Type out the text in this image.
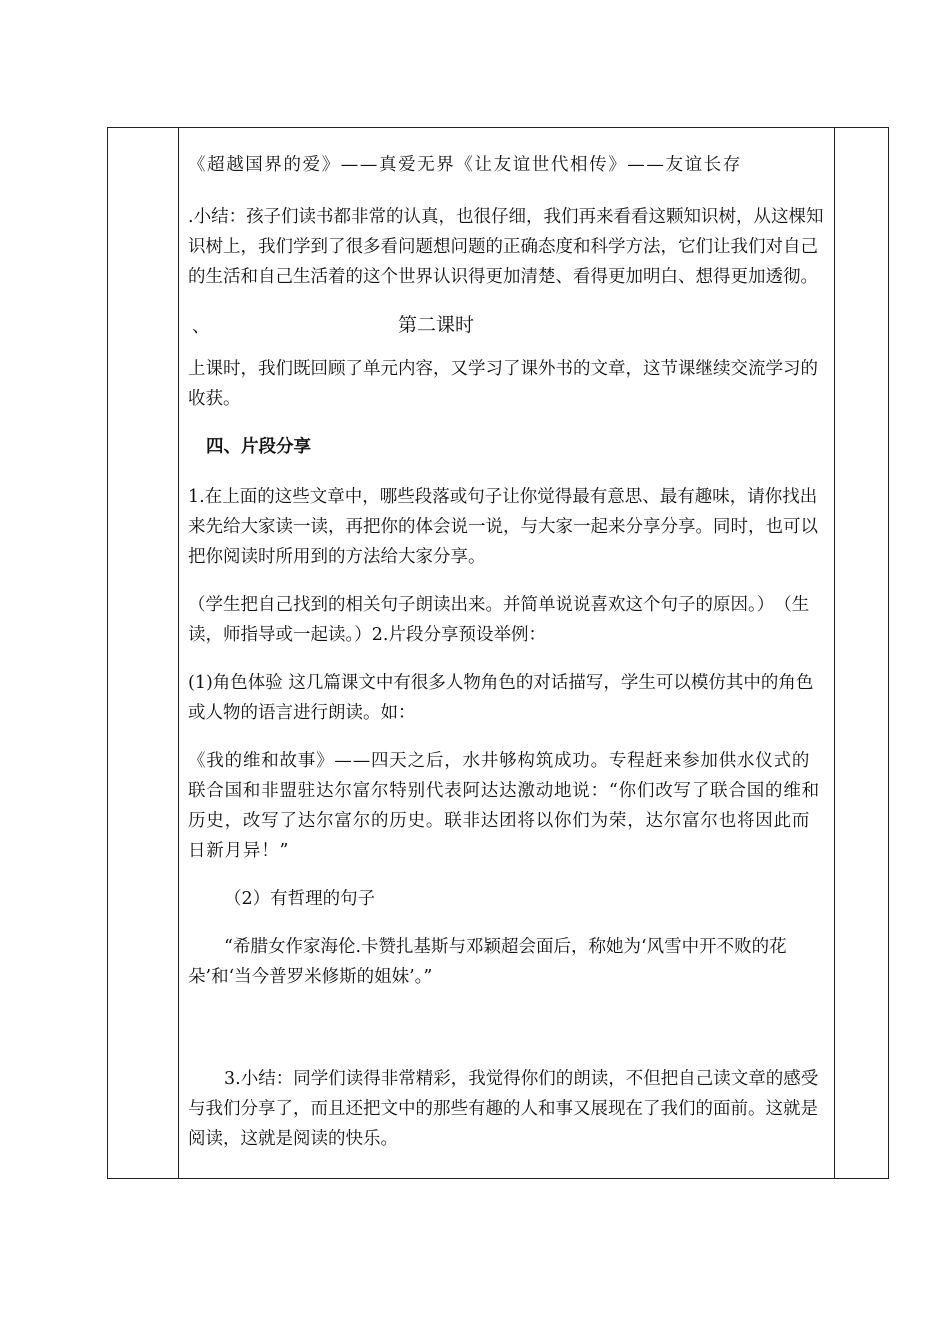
《超越国界的爱》——真爱无界《让友谊世代相传》——友谊长存

.小结：孩子们读书都非常的认真，也很仔细，我们再来看看这颗知识树，从这棵知识树上，我们学到了很多看问题想问题的正确态度和科学方法，它们让我们对自己的生活和自己生活着的这个世界认识得更加清楚、看得更加明白、想得更加透彻。

、	第二课时

上课时，我们既回顾了单元内容，又学习了课外书的文章，这节课继续交流学习的收获。

四、片段分享

1.在上面的这些文章中，哪些段落或句子让你觉得最有意思、最有趣味，请你找出来先给大家读一读，再把你的体会说一说，与大家一起来分享分享。同时，也可以把你阅读时所用到的方法给大家分享。

（学生把自己找到的相关句子朗读出来。并简单说说喜欢这个句子的原因。）　（生读，师指导或一起读。）2.片段分享预设举例：

(1)角色体验 这几篇课文中有很多人物角色的对话描写，学生可以模仿其中的角色或人物的语言进行朗读。如：

《我的维和故事》——四天之后，水井够构筑成功。专程赶来参加供水仪式的联合国和非盟驻达尔富尔特别代表阿达达激动地说：“你们改写了联合国的维和历史，改写了达尔富尔的历史。联非达团将以你们为荣，达尔富尔也将因此而日新月异！”

（2）有哲理的句子

“希腊女作家海伦.卡赞扎基斯与邓颖超会面后，称她为‘风雪中开不败的花朵’和‘当今普罗米修斯的姐妹’。”

3.小结：同学们读得非常精彩，我觉得你们的朗读，不但把自己读文章的感受与我们分享了，而且还把文中的那些有趣的人和事又展现在了我们的面前。这就是阅读，这就是阅读的快乐。
